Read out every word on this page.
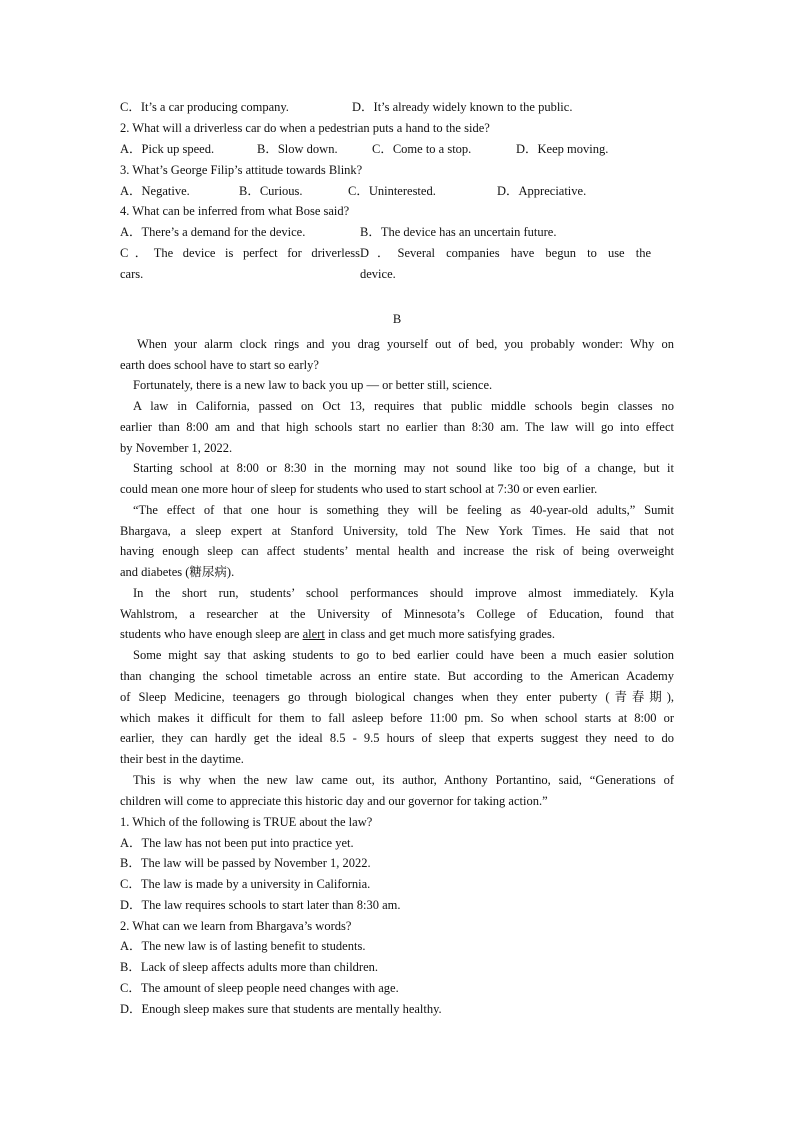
C．It’s a car producing company.	D．It’s already widely known to the public.
2. What will a driverless car do when a pedestrian puts a hand to the side?
A．Pick up speed.	B．Slow down.	C．Come to a stop.	D．Keep moving.
3. What’s George Filip’s attitude towards Blink?
A．Negative.	B．Curious.	C．Uninterested.	D．Appreciative.
4. What can be inferred from what Bose said?
A．There’s a demand for the device.	B．The device has an uncertain future.
C．The device is perfect for driverless
cars.
D．Several companies have begun to use the
device.
B
When your alarm clock rings and you drag yourself out of bed, you probably wonder: Why on
earth does school have to start so early?
Fortunately, there is a new law to back you up — or better still, science.
A law in California, passed on Oct 13, requires that public middle schools begin classes no
earlier than 8:00 am and that high schools start no earlier than 8:30 am. The law will go into effect
by November 1, 2022.
Starting school at 8:00 or 8:30 in the morning may not sound like too big of a change, but it
could mean one more hour of sleep for students who used to start school at 7:30 or even earlier.
“The effect of that one hour is something they will be feeling as 40-year-old adults,” Sumit
Bhargava, a sleep expert at Stanford University, told The New York Times. He said that not
having enough sleep can affect students’ mental health and increase the risk of being overweight
and diabetes (糖尿病).
In the short run, students’ school performances should improve almost immediately. Kyla
Wahlstrom, a researcher at the University of Minnesota’s College of Education, found that
students who have enough sleep are alert in class and get much more satisfying grades.
Some might say that asking students to go to bed earlier could have been a much easier solution
than changing the school timetable across an entire state. But according to the American Academy
of Sleep Medicine, teenagers go through biological changes when they enter puberty (青春期),
which makes it difficult for them to fall asleep before 11:00 pm. So when school starts at 8:00 or
earlier, they can hardly get the ideal 8.5 - 9.5 hours of sleep that experts suggest they need to do
their best in the daytime.
This is why when the new law came out, its author, Anthony Portantino, said, “Generations of
children will come to appreciate this historic day and our governor for taking action.”
1. Which of the following is TRUE about the law?
A．The law has not been put into practice yet.
B．The law will be passed by November 1, 2022.
C．The law is made by a university in California.
D．The law requires schools to start later than 8:30 am.
2. What can we learn from Bhargava’s words?
A．The new law is of lasting benefit to students.
B．Lack of sleep affects adults more than children.
C．The amount of sleep people need changes with age.
D．Enough sleep makes sure that students are mentally healthy.
